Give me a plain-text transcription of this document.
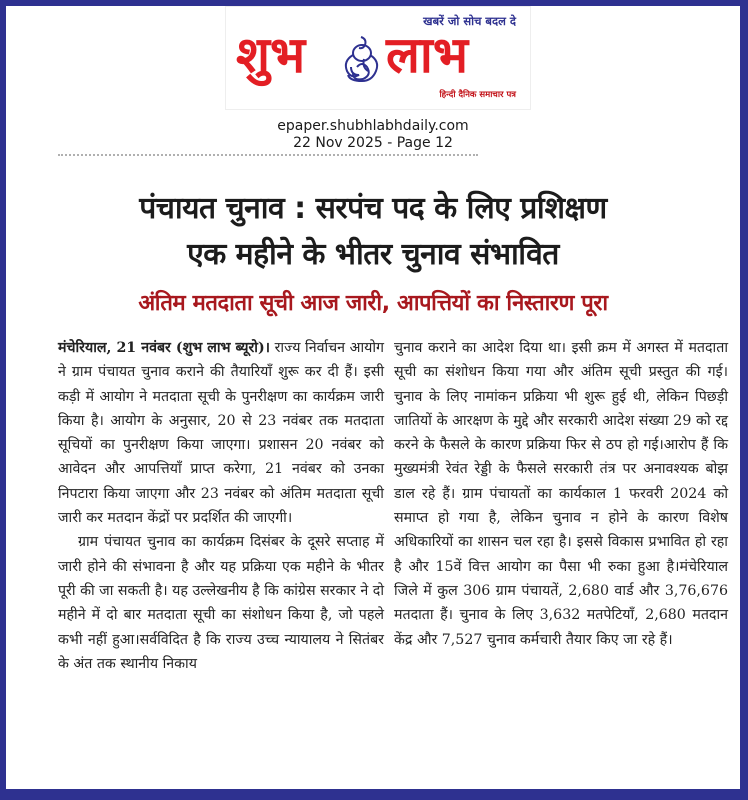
खबरें जो सोच बदल दे
शुभ लाभ
हिन्दी दैनिक समाचार पत्र
epaper.shubhlabhdaily.com
22 Nov 2025 - Page 12
पंचायत चुनाव : सरपंच पद के लिए प्रशिक्षण
एक महीने के भीतर चुनाव संभावित
अंतिम मतदाता सूची आज जारी, आपत्तियों का निस्तारण पूरा

मंचेरियाल, 21 नवंबर (शुभ लाभ ब्यूरो)। राज्य निर्वाचन आयोग ने ग्राम पंचायत चुनाव कराने की तैयारियाँ शुरू कर दी हैं। इसी कड़ी में आयोग ने मतदाता सूची के पुनरीक्षण का कार्यक्रम जारी किया है। आयोग के अनुसार, 20 से 23 नवंबर तक मतदाता सूचियों का पुनरीक्षण किया जाएगा। प्रशासन 20 नवंबर को आवेदन और आपत्तियाँ प्राप्त करेगा, 21 नवंबर को उनका निपटारा किया जाएगा और 23 नवंबर को अंतिम मतदाता सूची जारी कर मतदान केंद्रों पर प्रदर्शित की जाएगी।

ग्राम पंचायत चुनाव का कार्यक्रम दिसंबर के दूसरे सप्ताह में जारी होने की संभावना है और यह प्रक्रिया एक महीने के भीतर पूरी की जा सकती है। यह उल्लेखनीय है कि कांग्रेस सरकार ने दो महीने में दो बार मतदाता सूची का संशोधन किया है, जो पहले कभी नहीं हुआ।सर्वविदित है कि राज्य उच्च न्यायालय ने सितंबर के अंत तक स्थानीय निकाय

चुनाव कराने का आदेश दिया था। इसी क्रम में अगस्त में मतदाता सूची का संशोधन किया गया और अंतिम सूची प्रस्तुत की गई। चुनाव के लिए नामांकन प्रक्रिया भी शुरू हुई थी, लेकिन पिछड़ी जातियों के आरक्षण के मुद्दे और सरकारी आदेश संख्या 29 को रद्द करने के फैसले के कारण प्रक्रिया फिर से ठप हो गई।आरोप हैं कि मुख्यमंत्री रेवंत रेड्डी के फैसले सरकारी तंत्र पर अनावश्यक बोझ डाल रहे हैं। ग्राम पंचायतों का कार्यकाल 1 फरवरी 2024 को समाप्त हो गया है, लेकिन चुनाव न होने के कारण विशेष अधिकारियों का शासन चल रहा है। इससे विकास प्रभावित हो रहा है और 15वें वित्त आयोग का पैसा भी रुका हुआ है।मंचेरियाल जिले में कुल 306 ग्राम पंचायतें, 2,680 वार्ड और 3,76,676 मतदाता हैं। चुनाव के लिए 3,632 मतपेटियाँ, 2,680 मतदान केंद्र और 7,527 चुनाव कर्मचारी तैयार किए जा रहे हैं।
